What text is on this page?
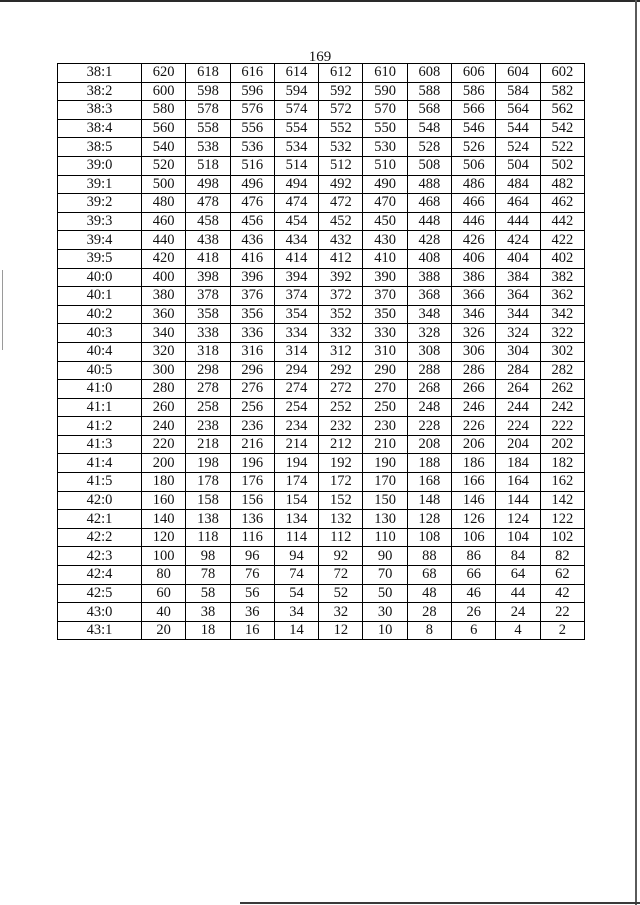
169
38:1	620	618	616	614	612	610	608	606	604	602
38:2	600	598	596	594	592	590	588	586	584	582
38:3	580	578	576	574	572	570	568	566	564	562
38:4	560	558	556	554	552	550	548	546	544	542
38:5	540	538	536	534	532	530	528	526	524	522
39:0	520	518	516	514	512	510	508	506	504	502
39:1	500	498	496	494	492	490	488	486	484	482
39:2	480	478	476	474	472	470	468	466	464	462
39:3	460	458	456	454	452	450	448	446	444	442
39:4	440	438	436	434	432	430	428	426	424	422
39:5	420	418	416	414	412	410	408	406	404	402
40:0	400	398	396	394	392	390	388	386	384	382
40:1	380	378	376	374	372	370	368	366	364	362
40:2	360	358	356	354	352	350	348	346	344	342
40:3	340	338	336	334	332	330	328	326	324	322
40:4	320	318	316	314	312	310	308	306	304	302
40:5	300	298	296	294	292	290	288	286	284	282
41:0	280	278	276	274	272	270	268	266	264	262
41:1	260	258	256	254	252	250	248	246	244	242
41:2	240	238	236	234	232	230	228	226	224	222
41:3	220	218	216	214	212	210	208	206	204	202
41:4	200	198	196	194	192	190	188	186	184	182
41:5	180	178	176	174	172	170	168	166	164	162
42:0	160	158	156	154	152	150	148	146	144	142
42:1	140	138	136	134	132	130	128	126	124	122
42:2	120	118	116	114	112	110	108	106	104	102
42:3	100	98	96	94	92	90	88	86	84	82
42:4	80	78	76	74	72	70	68	66	64	62
42:5	60	58	56	54	52	50	48	46	44	42
43:0	40	38	36	34	32	30	28	26	24	22
43:1	20	18	16	14	12	10	8	6	4	2
